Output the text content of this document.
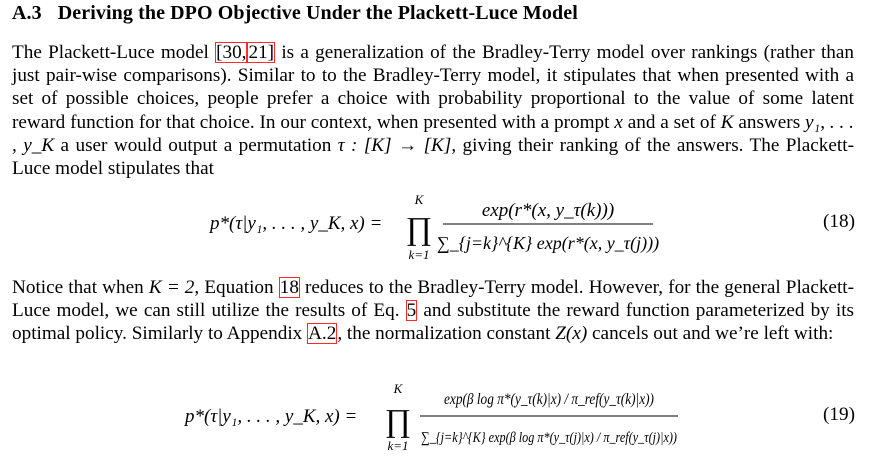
A.3 Deriving the DPO Objective Under the Plackett-Luce Model
The Plackett-Luce model [30, 21] is a generalization of the Bradley-Terry model over rankings (rather than just pair-wise comparisons). Similar to to the Bradley-Terry model, it stipulates that when presented with a set of possible choices, people prefer a choice with probability proportional to the value of some latent reward function for that choice. In our context, when presented with a prompt x and a set of K answers y₁, . . . , y_K a user would output a permutation τ : [K] → [K], giving their ranking of the answers. The Plackett-Luce model stipulates that
p*(τ|y₁, . . . , y_K, x) =
K
∏
k=1
exp(r*(x, y_τ(k)))
∑_{j=k}^{K} exp(r*(x, y_τ(j)))
(18)
Notice that when K = 2, Equation 18 reduces to the Bradley-Terry model. However, for the general Plackett-Luce model, we can still utilize the results of Eq. 5 and substitute the reward function parameterized by its optimal policy. Similarly to Appendix A.2, the normalization constant Z(x) cancels out and we’re left with:
p*(τ|y₁, . . . , y_K, x) =
K
∏
k=1
exp(β log π*(y_τ(k)|x) / π_ref(y_τ(k)|x))
∑_{j=k}^{K} exp(β log π*(y_τ(j)|x) / π_ref(y_τ(j)|x))
(19)
